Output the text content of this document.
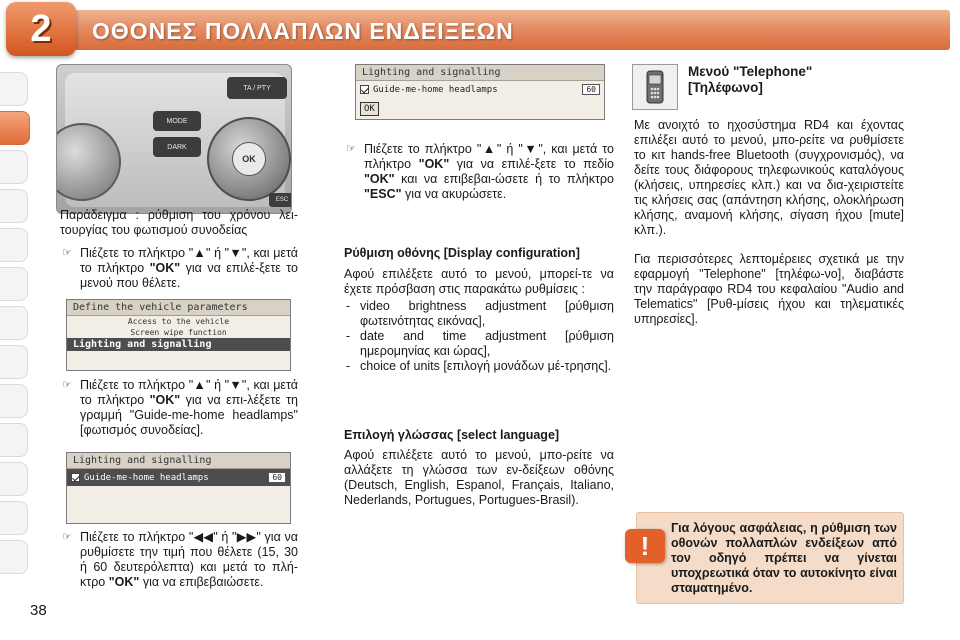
2	ΟΘΟΝΕΣ ΠΟΛΛΑΠΛΩΝ ΕΝΔΕΙΞΕΩΝ
MODE
DARK
TA / PTY
OK
ESC

Παράδειγμα : ρύθμιση του χρόνου λει-τουργίας του φωτισμού συνοδείας

☞ Πιέζετε το πλήκτρο "▲" ή "▼", και μετά το πλήκτρο "OK" για να επιλέ-ξετε το μενού που θέλετε.
Define the vehicle parameters
Access to the vehicle
Screen wipe function
Lighting and signalling
☞ Πιέζετε το πλήκτρο "▲" ή "▼", και μετά το πλήκτρο "OK" για να επι-λέξετε τη γραμμή "Guide-me-home headlamps" [φωτισμός συνοδείας].
Lighting and signalling
Guide-me-home headlamps	60
☞ Πιέζετε το πλήκτρο "◀◀" ή "▶▶" για να ρυθμίσετε την τιμή που θέλετε (15, 30 ή 60 δευτερόλεπτα) και μετά το πλή-κτρο "OK" για να επιβεβαιώσετε.
Lighting and signalling
Guide-me-home headlamps	60
OK
☞ Πιέζετε το πλήκτρο "▲" ή "▼", και μετά το πλήκτρο "OK" για να επιλέ-ξετε το πεδίο "OK" και να επιβεβαι-ώσετε ή το πλήκτρο "ESC" για να ακυρώσετε.
Ρύθμιση οθόνης [Display configuration]

Αφού επιλέξετε αυτό το μενού, μπορεί-τε να έχετε πρόσβαση στις παρακάτω ρυθμίσεις :

- video brightness adjustment [ρύθμιση φωτεινότητας εικόνας],
- date and time adjustment [ρύθμιση ημερομηνίας και ώρας],
- choice of units [επιλογή μονάδων μέ-τρησης].
Επιλογή γλώσσας [select language]

Αφού επιλέξετε αυτό το μενού, μπο-ρείτε να αλλάξετε τη γλώσσα των εν-δείξεων οθόνης (Deutsch, English, Espanol, Français, Italiano, Nederlands, Portugues, Portugues-Brasil).

Μενού "Telephone" [Τηλέφωνο]

Με ανοιχτό το ηχοσύστημα RD4 και έχοντας επιλέξει αυτό το μενού, μπο-ρείτε να ρυθμίσετε το κιτ hands-free Bluetooth (συγχρονισμός), να δείτε τους διάφορους τηλεφωνικούς καταλόγους (κλήσεις, υπηρεσίες κλπ.) και να δια-χειριστείτε τις κλήσεις σας (απάντηση κλήσης, ολοκλήρωση κλήσης, αναμονή κλήσης, σίγαση ήχου [mute] κλπ.).

Για περισσότερες λεπτομέρειες σχετικά με την εφαρμογή "Telephone" [τηλέφω-νο], διαβάστε την παράγραφο RD4 του κεφαλαίου "Audio and Telematics" [Ρυθ-μίσεις ήχου και τηλεματικές υπηρεσίες].

!
Για λόγους ασφάλειας, η ρύθμιση των οθονών πολλαπλών ενδείξεων από τον οδηγό πρέπει να γίνεται υποχρεωτικά όταν το αυτοκίνητο είναι σταματημένο.
38
